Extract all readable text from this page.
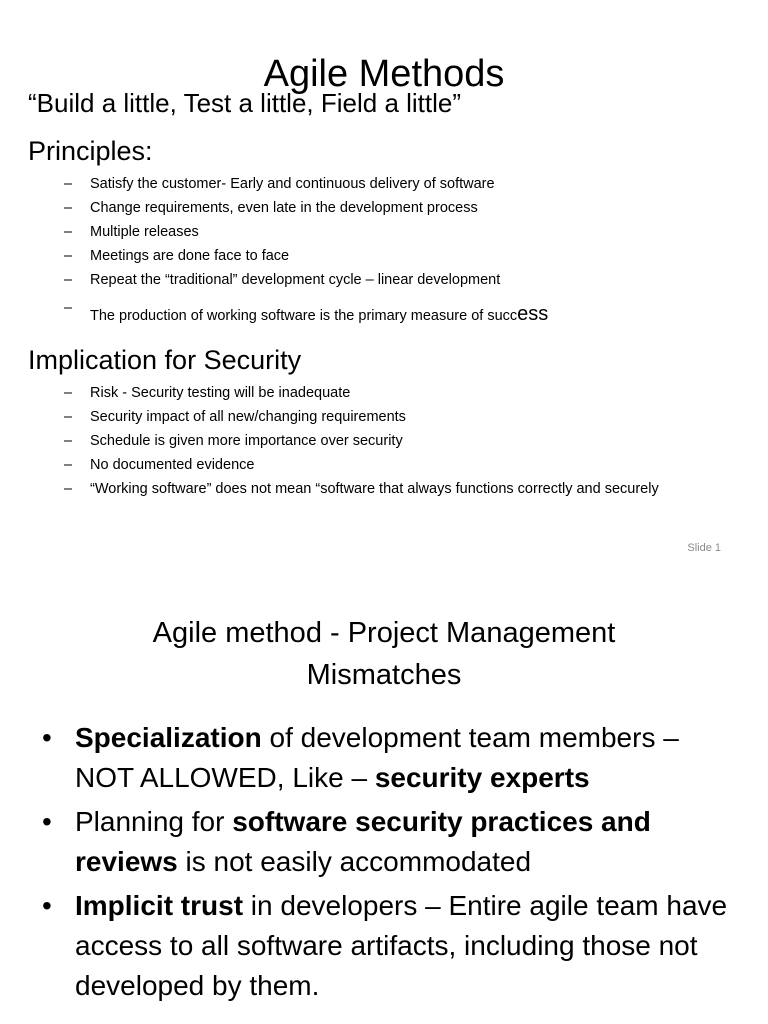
Agile Methods
“Build a little, Test a little, Field a little”
Principles:
– Satisfy the customer- Early and continuous delivery of software
– Change requirements, even late in the development process
– Multiple releases
– Meetings are done face to face
– Repeat the “traditional” development cycle – linear development
– The production of working software is the primary measure of success
Implication for Security
– Risk - Security testing will be inadequate
– Security impact of all new/changing requirements
– Schedule is given more importance over security
– No documented evidence
– “Working software” does not mean “software that always functions correctly and securely
Slide 1
Agile method - Project Management
Mismatches
• Specialization of development team members – NOT ALLOWED, Like – security experts
• Planning for software security practices and reviews is not easily accommodated
• Implicit trust in developers – Entire agile team have access to all software artifacts, including those not developed by them.
